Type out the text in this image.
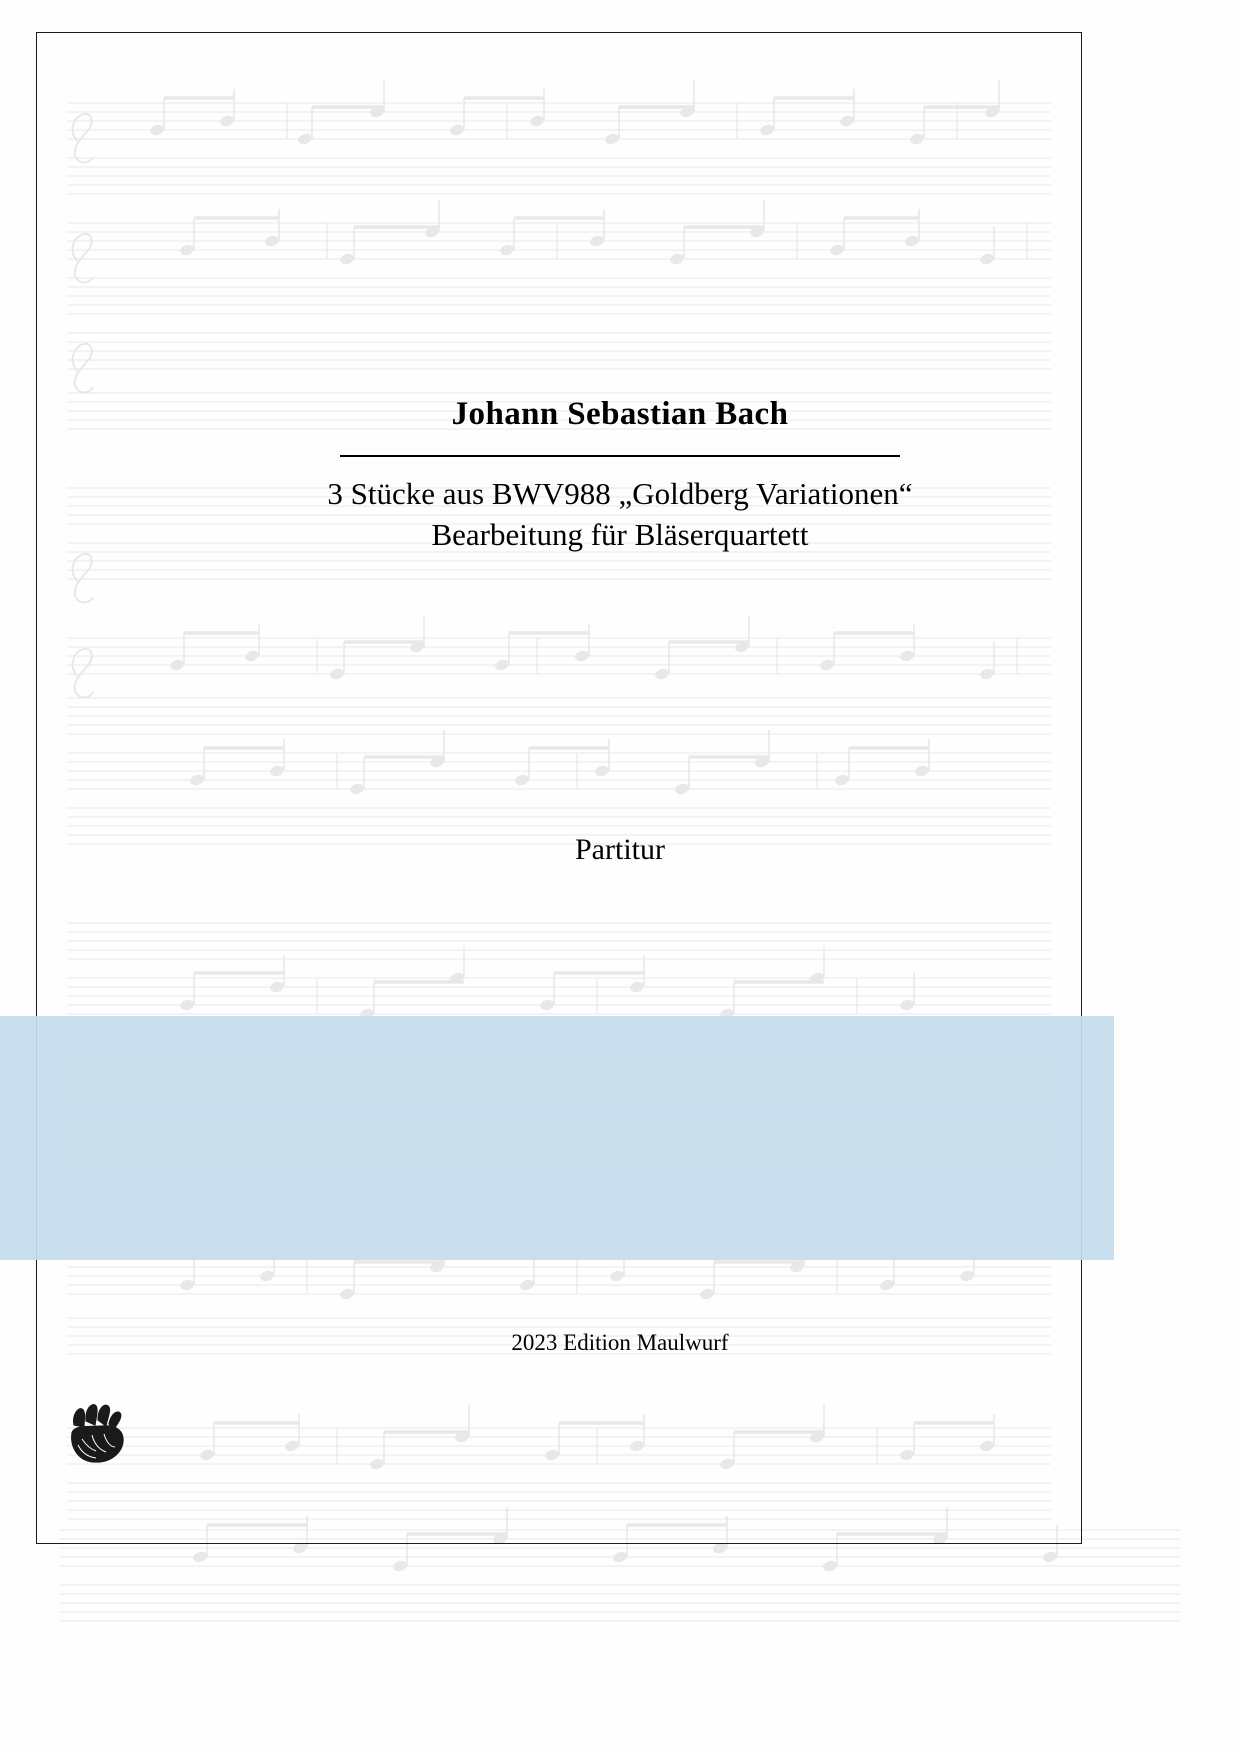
Johann Sebastian Bach
3 Stücke aus BWV988 „Goldberg Variationen“
Bearbeitung für Bläserquartett
Partitur
2023 Edition Maulwurf
